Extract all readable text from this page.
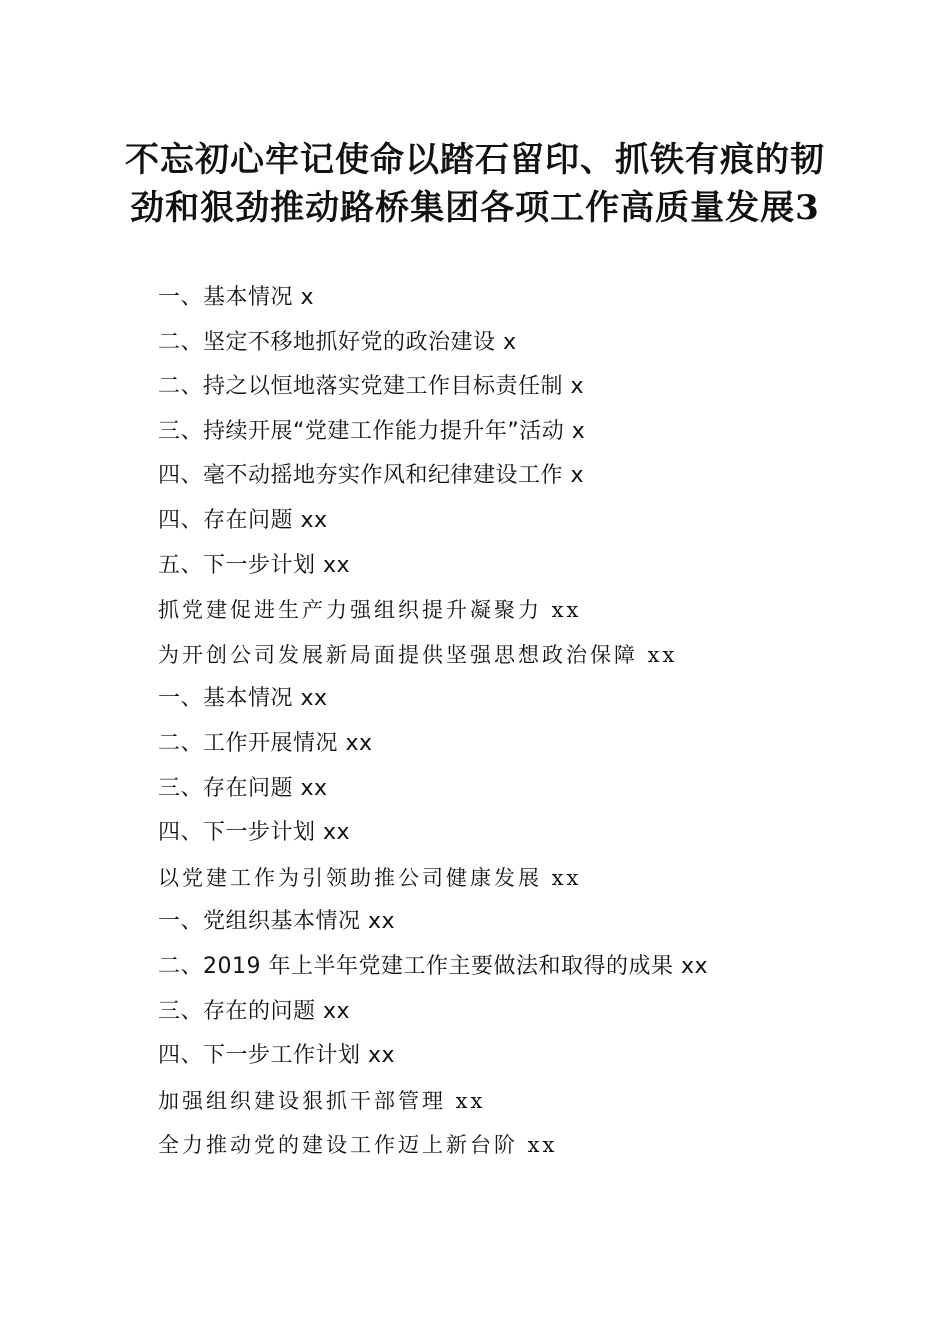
不忘初心牢记使命以踏石留印、抓铁有痕的韧
劲和狠劲推动路桥集团各项工作高质量发展3
一、基本情况 x
二、坚定不移地抓好党的政治建设 x
二、持之以恒地落实党建工作目标责任制 x
三、持续开展“党建工作能力提升年”活动 x
四、毫不动摇地夯实作风和纪律建设工作 x
四、存在问题 xx
五、下一步计划 xx
抓党建促进生产力强组织提升凝聚力 xx
为开创公司发展新局面提供坚强思想政治保障 xx
一、基本情况 xx
二、工作开展情况 xx
三、存在问题 xx
四、下一步计划 xx
以党建工作为引领助推公司健康发展 xx
一、党组织基本情况 xx
二、2019 年上半年党建工作主要做法和取得的成果 xx
三、存在的问题 xx
四、下一步工作计划 xx
加强组织建设狠抓干部管理 xx
全力推动党的建设工作迈上新台阶 xx
